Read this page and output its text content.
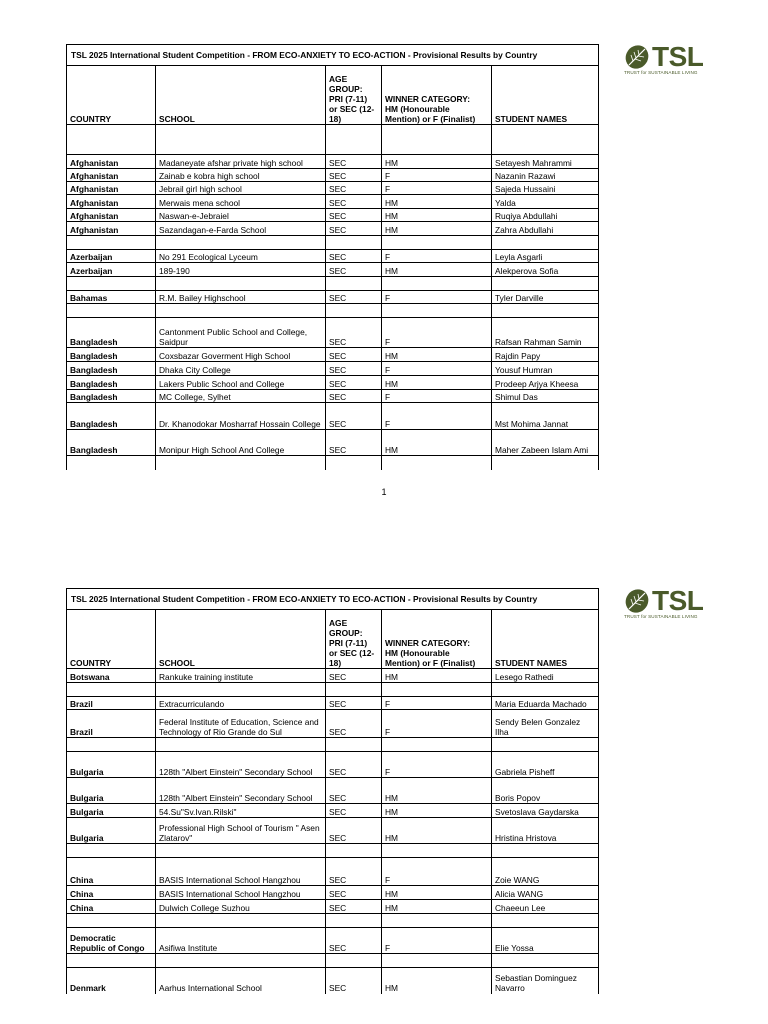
TSL 2025 International Student Competition - FROM ECO-ANXIETY TO ECO-ACTION - Provisional Results by Country				
COUNTRY	SCHOOL	AGE
GROUP:
PRI (7-11)
or SEC (12-
18)	WINNER CATEGORY:
HM (Honourable
Mention) or F (Finalist)	STUDENT NAMES

Afghanistan	Madaneyate afshar private high school	SEC	HM	Setayesh Mahrammi
Afghanistan	Zainab e kobra high school	SEC	F	Nazanin Razawi
Afghanistan	Jebrail girl high school	SEC	F	Sajeda Hussaini
Afghanistan	Merwais mena school	SEC	HM	Yalda
Afghanistan	Naswan-e-Jebraiel	SEC	HM	Ruqiya Abdullahi
Afghanistan	Sazandagan-e-Farda School	SEC	HM	Zahra Abdullahi

Azerbaijan	No 291 Ecological Lyceum	SEC	F	Leyla Asgarli
Azerbaijan	189-190	SEC	HM	Alekperova Sofia

Bahamas	R.M. Bailey Highschool	SEC	F	Tyler Darville

Bangladesh	Cantonment Public School and College, Saidpur	SEC	F	Rafsan Rahman Samin
Bangladesh	Coxsbazar Goverment High School	SEC	HM	Rajdin Papy
Bangladesh	Dhaka City College	SEC	F	Yousuf Humran
Bangladesh	Lakers Public School and College	SEC	HM	Prodeep Arjya Kheesa
Bangladesh	MC College, Sylhet	SEC	F	Shimul Das
Bangladesh	Dr. Khanodokar Mosharraf Hossain College	SEC	F	Mst Mohima Jannat
Bangladesh	Monipur High School And College	SEC	HM	Maher Zabeen Islam Ami

TSL
TRUST for SUSTAINABLE LIVING
1
TSL 2025 International Student Competition - FROM ECO-ANXIETY TO ECO-ACTION - Provisional Results by Country				
COUNTRY	SCHOOL	AGE
GROUP:
PRI (7-11)
or SEC (12-
18)	WINNER CATEGORY:
HM (Honourable
Mention) or F (Finalist)	STUDENT NAMES
Botswana	Rankuke training institute	SEC	HM	Lesego Rathedi

Brazil	Extracurriculando	SEC	F	Maria Eduarda Machado
Brazil	Federal Institute of Education, Science and Technology of Rio Grande do Sul	SEC	F	Sendy Belen Gonzalez Ilha

Bulgaria	128th "Albert Einstein" Secondary School	SEC	F	Gabriela Pisheff
Bulgaria	128th "Albert Einstein" Secondary School	SEC	HM	Boris Popov
Bulgaria	54.Su"Sv.Ivan.Rilski"	SEC	HM	Svetoslava Gaydarska
Bulgaria	Professional High School of Tourism " Asen Zlatarov"	SEC	HM	Hristina Hristova

China	BASIS International School Hangzhou	SEC	F	Zoie WANG
China	BASIS International School Hangzhou	SEC	HM	Alicia WANG
China	Dulwich College Suzhou	SEC	HM	Chaeeun Lee

Democratic Republic of Congo	Asifiwa Institute	SEC	F	Elie Yossa

Denmark	Aarhus International School	SEC	HM	Sebastian Dominguez Navarro
TSL
TRUST for SUSTAINABLE LIVING
